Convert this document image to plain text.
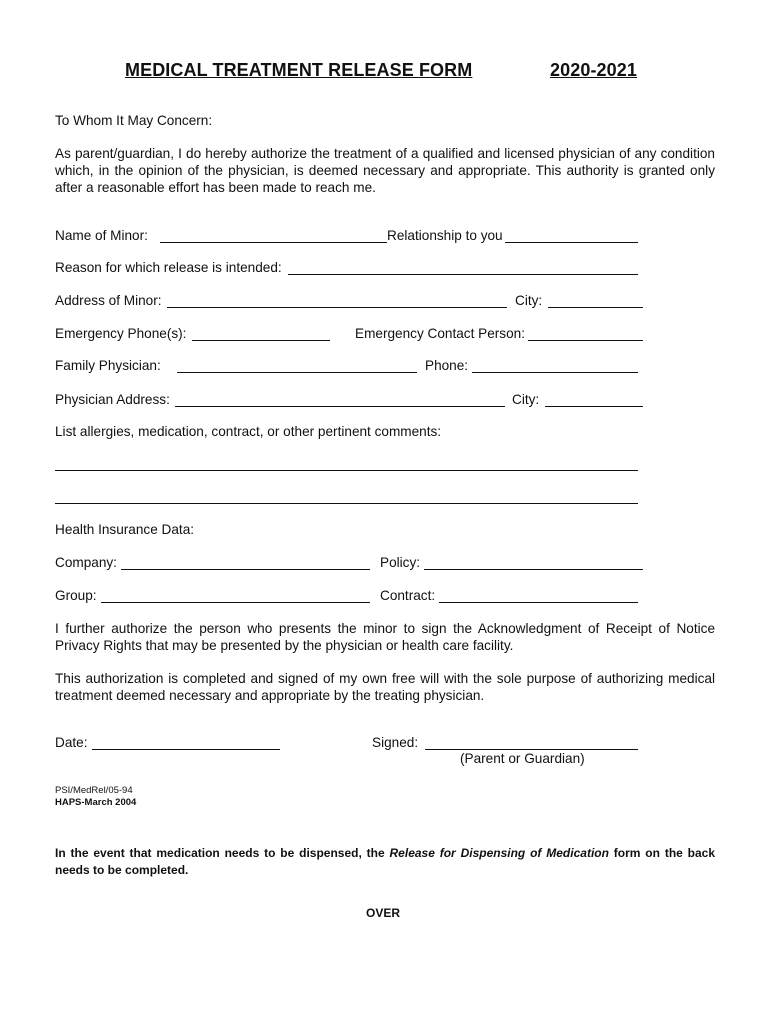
MEDICAL TREATMENT RELEASE FORM	2020-2021
To Whom It May Concern:
As parent/guardian, I do hereby authorize the treatment of a qualified and licensed physician of any condition which, in the opinion of the physician, is deemed necessary and appropriate. This authority is granted only after a reasonable effort has been made to reach me.
Name of Minor:	Relationship to you
Reason for which release is intended:
Address of Minor:	City:
Emergency Phone(s):	Emergency Contact Person:
Family Physician:	Phone:
Physician Address:	City:
List allergies, medication, contract, or other pertinent comments:
Health Insurance Data:
Company:	Policy:
Group:	Contract:
I further authorize the person who presents the minor to sign the Acknowledgment of Receipt of Notice Privacy Rights that may be presented by the physician or health care facility.
This authorization is completed and signed of my own free will with the sole purpose of authorizing medical treatment deemed necessary and appropriate by the treating physician.
Date:	Signed:
(Parent or Guardian)
PSI/MedRel/05-94
HAPS-March 2004
In the event that medication needs to be dispensed, the Release for Dispensing of Medication form on the back needs to be completed.
OVER
